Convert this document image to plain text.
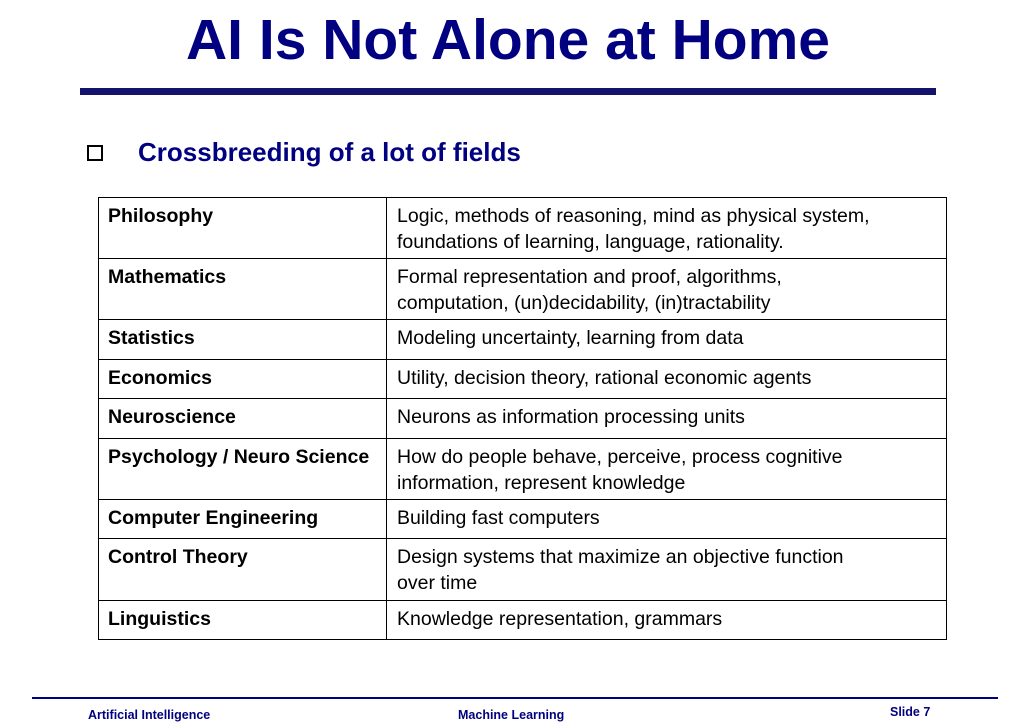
AI Is Not Alone at Home
Crossbreeding of a lot of fields
Philosophy	Logic, methods of reasoning, mind as physical system,
foundations of learning, language, rationality.
Mathematics	Formal representation and proof, algorithms,
computation, (un)decidability, (in)tractability
Statistics	Modeling uncertainty, learning from data
Economics	Utility, decision theory, rational economic agents
Neuroscience	Neurons as information processing units
Psychology / Neuro Science	How do people behave, perceive, process cognitive
information, represent knowledge
Computer Engineering	Building fast computers
Control Theory	Design systems that maximize an objective function
over time
Linguistics	Knowledge representation, grammars
Artificial Intelligence	Machine Learning	Slide 7
